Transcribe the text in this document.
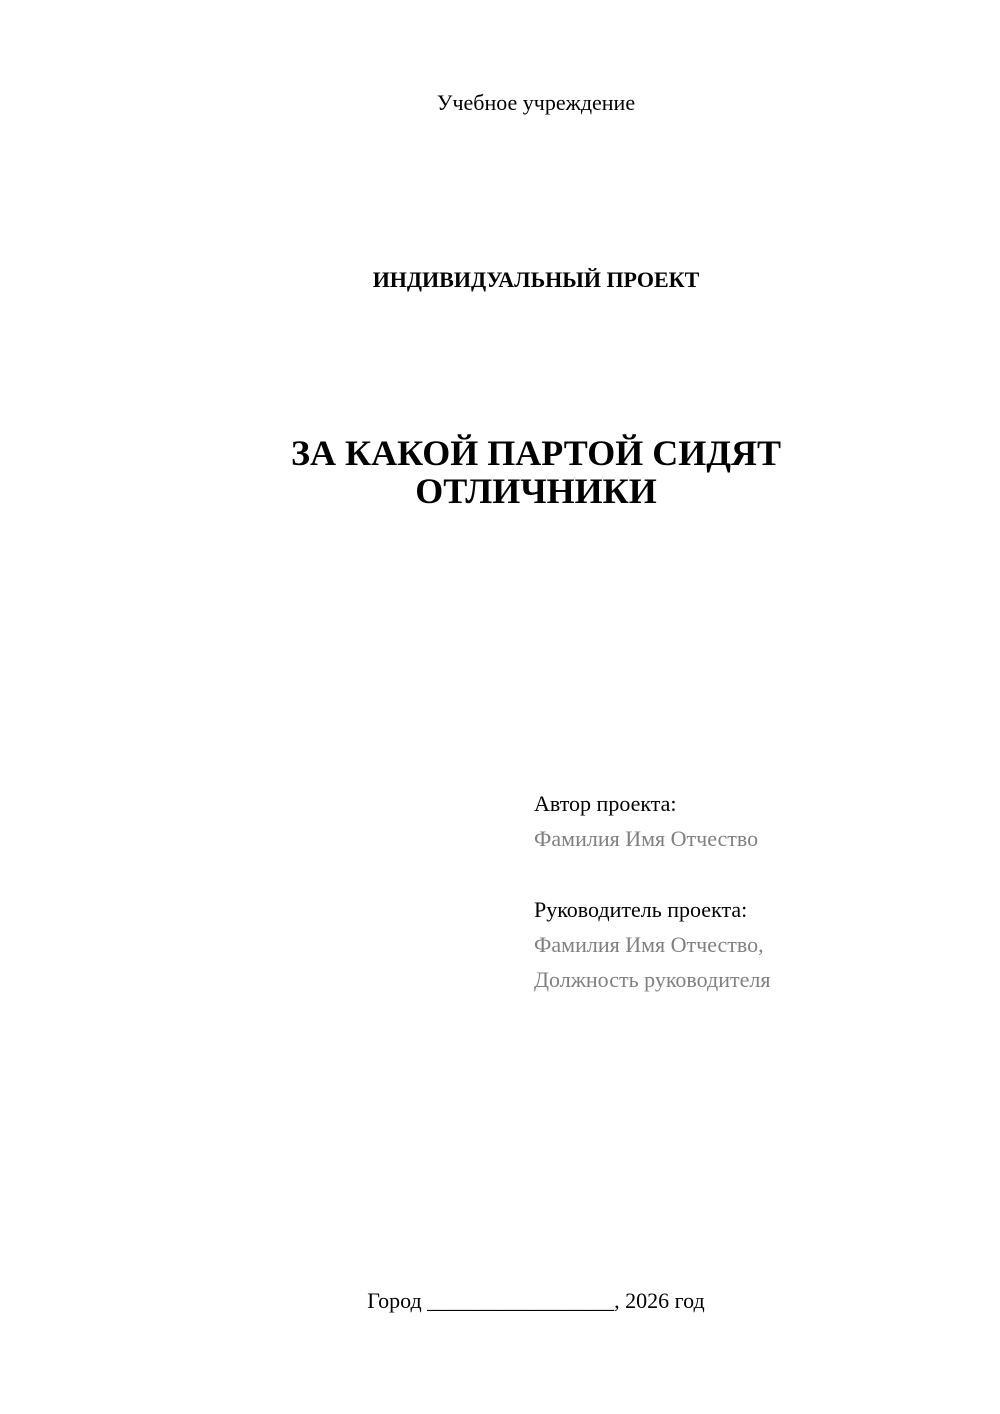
Учебное учреждение
ИНДИВИДУАЛЬНЫЙ ПРОЕКТ
ЗА КАКОЙ ПАРТОЙ СИДЯТ
ОТЛИЧНИКИ
Автор проекта:
Фамилия Имя Отчество
Руководитель проекта:
Фамилия Имя Отчество,
Должность руководителя
Город _________________, 2026 год
